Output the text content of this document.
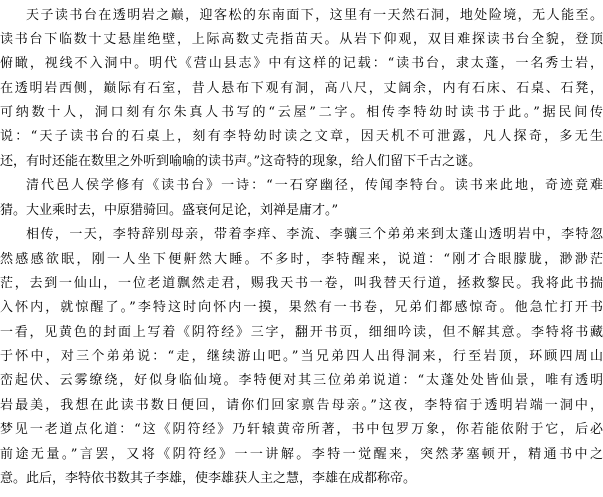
天子读书台在透明岩之巅，迎客松的东南面下，这里有一天然石洞，地处险境，无人能至。
读书台下临数十丈悬崖绝壁，上际高数丈壳指苗天。从岩下仰观，双目难探读书台全貌，登顶
俯瞰，视线不入洞中。明代《营山县志》中有这样的记载：“读书台，隶太蓬，一名秀士岩，
在透明岩西侧，巅际有石室，昔人悬布下观有洞，高八尺，丈阔余，内有石床、石桌、石凳，
可纳数十人，洞口刻有尔朱真人书写的“云屋”二字。相传李特幼时读书于此。”据民间传
说：“天子读书台的石桌上，刻有李特幼时读之文章，因天机不可泄露，凡人探奇，多无生
还，有时还能在数里之外听到喻喻的读书声。”这奇特的现象，给人们留下千古之谜。
清代邑人侯学修有《读书台》一诗：“一石穿幽径，传闻李特台。读书来此地，奇迹竟难
猜。大业乘时去，中原猎骑回。盛衰何足论，刘禅是庸才。”
相传，一天，李特辞别母亲，带着李痒、李流、李骧三个弟弟来到太蓬山透明岩中，李特忽
然感感欲眠，刚一人坐下便鼾然大睡。不多时，李特醒来，说道：“刚才合眼朦胧，渺渺茫
茫，去到一仙山，一位老道飘然走君，赐我天书一卷，叫我替天行道，拯救黎民。我将此书揣
入怀内，就惊醒了。”李特这时向怀内一摸，果然有一书卷，兄弟们都感惊奇。他急忙打开书
一看，见黄色的封面上写着《阴符经》三字，翻开书页，细细吟读，但不解其意。李特将书藏
于怀中，对三个弟弟说：“走，继续游山吧。”当兄弟四人出得洞来，行至岩顶，环顾四周山
峦起伏、云雾缭绕，好似身临仙境。李特便对其三位弟弟说道：“太蓬处处皆仙景，唯有透明
岩最美，我想在此读书数日便回，请你们回家禀告母亲。”这夜，李特宿于透明岩端一洞中，
梦见一老道点化道：“这《阴符经》乃轩辕黄帝所著，书中包罗万象，你若能依附于它，后必
前途无量。”言罢，又将《阴符经》一一讲解。李特一觉醒来，突然茅塞顿开，精通书中之
意。此后，李特依书数其子李雄，使李雄获人主之慧，李雄在成都称帝。
